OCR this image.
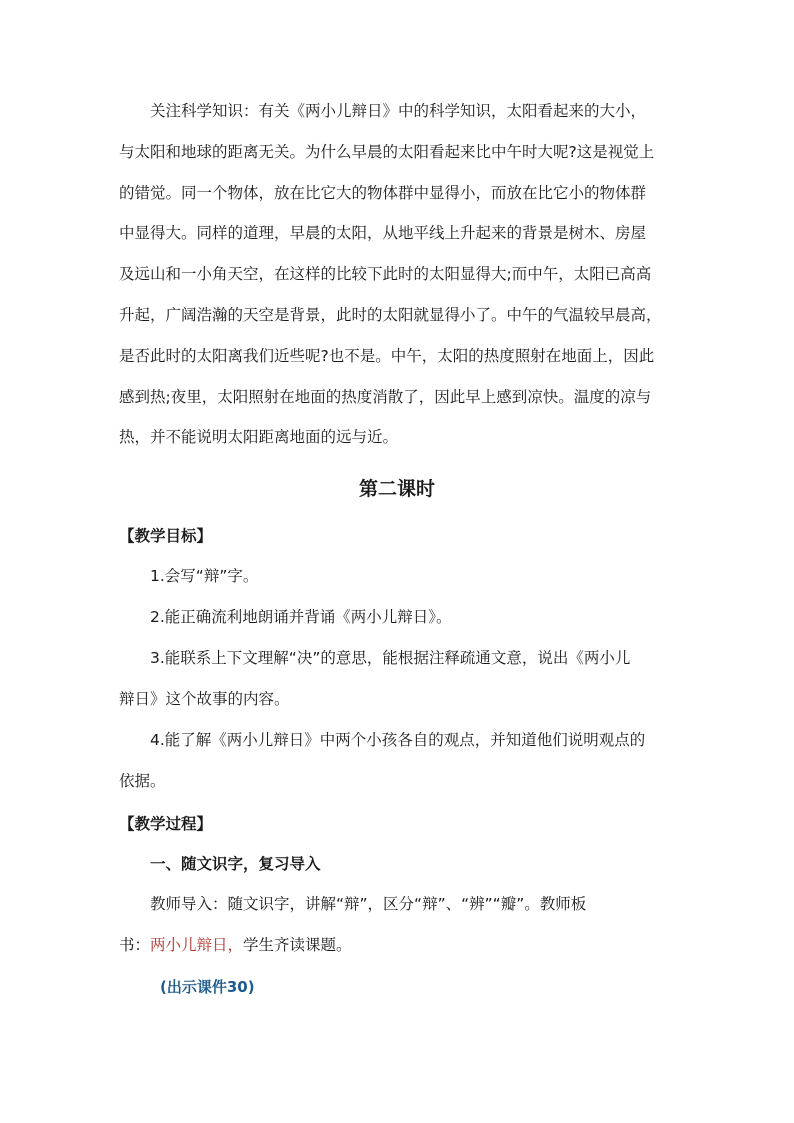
关注科学知识：有关《两小儿辩日》中的科学知识，太阳看起来的大小，
与太阳和地球的距离无关。为什么早晨的太阳看起来比中午时大呢?这是视觉上
的错觉。同一个物体，放在比它大的物体群中显得小，而放在比它小的物体群
中显得大。同样的道理，早晨的太阳，从地平线上升起来的背景是树木、房屋
及远山和一小角天空，在这样的比较下此时的太阳显得大;而中午，太阳已高高
升起，广阔浩瀚的天空是背景，此时的太阳就显得小了。中午的气温较早晨高，
是否此时的太阳离我们近些呢?也不是。中午，太阳的热度照射在地面上，因此
感到热;夜里，太阳照射在地面的热度消散了，因此早上感到凉快。温度的凉与
热，并不能说明太阳距离地面的远与近。

第二课时
【教学目标】
1.会写“辩”字。
2.能正确流利地朗诵并背诵《两小儿辩日》。
3.能联系上下文理解“决”的意思，能根据注释疏通文意，说出《两小儿
辩日》这个故事的内容。
4.能了解《两小儿辩日》中两个小孩各自的观点，并知道他们说明观点的
依据。
【教学过程】
一、随文识字，复习导入
教师导入：随文识字，讲解“辩”，区分“辩”、“辨”“瓣”。教师板
书：两小儿辩日，学生齐读课题。
(出示课件30)
